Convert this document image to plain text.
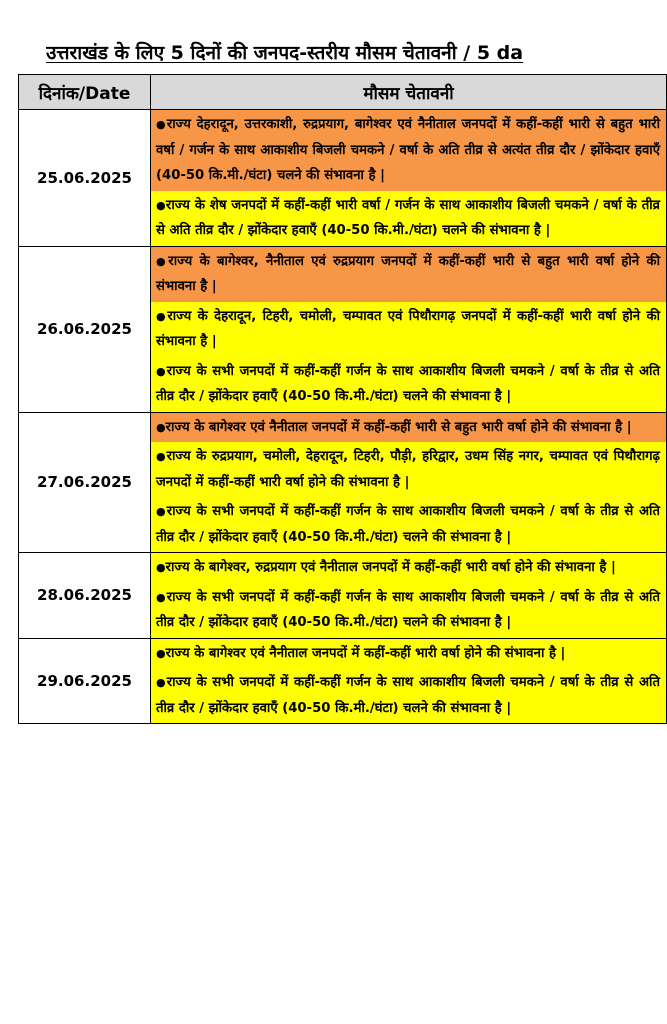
उत्तराखंड के लिए 5 दिनों की जनपद-स्तरीय मौसम चेतावनी / 5 da
दिनांक/Date	मौसम चेतावनी
25.06.2025	●राज्य देहरादून, उत्तरकाशी, रुद्रप्रयाग, बागेश्वर एवं नैनीताल जनपदों में कहीं-कहीं भारी से बहुत भारी वर्षा / गर्जन के साथ आकाशीय बिजली चमकने / वर्षा के अति तीव्र से अत्यंत तीव्र दौर / झोंकेदार हवाएँ (40-50 कि.मी./घंटा) चलने की संभावना है |
●राज्य के शेष जनपदों में कहीं-कहीं भारी वर्षा / गर्जन के साथ आकाशीय बिजली चमकने / वर्षा के तीव्र से अति तीव्र दौर / झोंकेदार हवाएँ (40-50 कि.मी./घंटा) चलने की संभावना है |

26.06.2025	●राज्य के बागेश्वर, नैनीताल एवं रुद्रप्रयाग जनपदों में कहीं-कहीं भारी से बहुत भारी वर्षा होने की संभावना है |
●राज्य के देहरादून, टिहरी, चमोली, चम्पावत एवं पिथौरागढ़ जनपदों में कहीं-कहीं भारी वर्षा होने की संभावना है |
●राज्य के सभी जनपदों में कहीं-कहीं गर्जन के साथ आकाशीय बिजली चमकने / वर्षा के तीव्र से अति तीव्र दौर / झोंकेदार हवाएँ (40-50 कि.मी./घंटा) चलने की संभावना है |

27.06.2025	●राज्य के बागेश्वर एवं नैनीताल जनपदों में कहीं-कहीं भारी से बहुत भारी वर्षा होने की संभावना है |
●राज्य के रुद्रप्रयाग, चमोली, देहरादून, टिहरी, पौड़ी, हरिद्वार, उधम सिंह नगर, चम्पावत एवं पिथौरागढ़ जनपदों में कहीं-कहीं भारी वर्षा होने की संभावना है |
●राज्य के सभी जनपदों में कहीं-कहीं गर्जन के साथ आकाशीय बिजली चमकने / वर्षा के तीव्र से अति तीव्र दौर / झोंकेदार हवाएँ (40-50 कि.मी./घंटा) चलने की संभावना है |

28.06.2025	●राज्य के बागेश्वर, रुद्रप्रयाग एवं नैनीताल जनपदों में कहीं-कहीं भारी वर्षा होने की संभावना है |
●राज्य के सभी जनपदों में कहीं-कहीं गर्जन के साथ आकाशीय बिजली चमकने / वर्षा के तीव्र से अति तीव्र दौर / झोंकेदार हवाएँ (40-50 कि.मी./घंटा) चलने की संभावना है |

29.06.2025	●राज्य के बागेश्वर एवं नैनीताल जनपदों में कहीं-कहीं भारी वर्षा होने की संभावना है |
●राज्य के सभी जनपदों में कहीं-कहीं गर्जन के साथ आकाशीय बिजली चमकने / वर्षा के तीव्र से अति तीव्र दौर / झोंकेदार हवाएँ (40-50 कि.मी./घंटा) चलने की संभावना है |
